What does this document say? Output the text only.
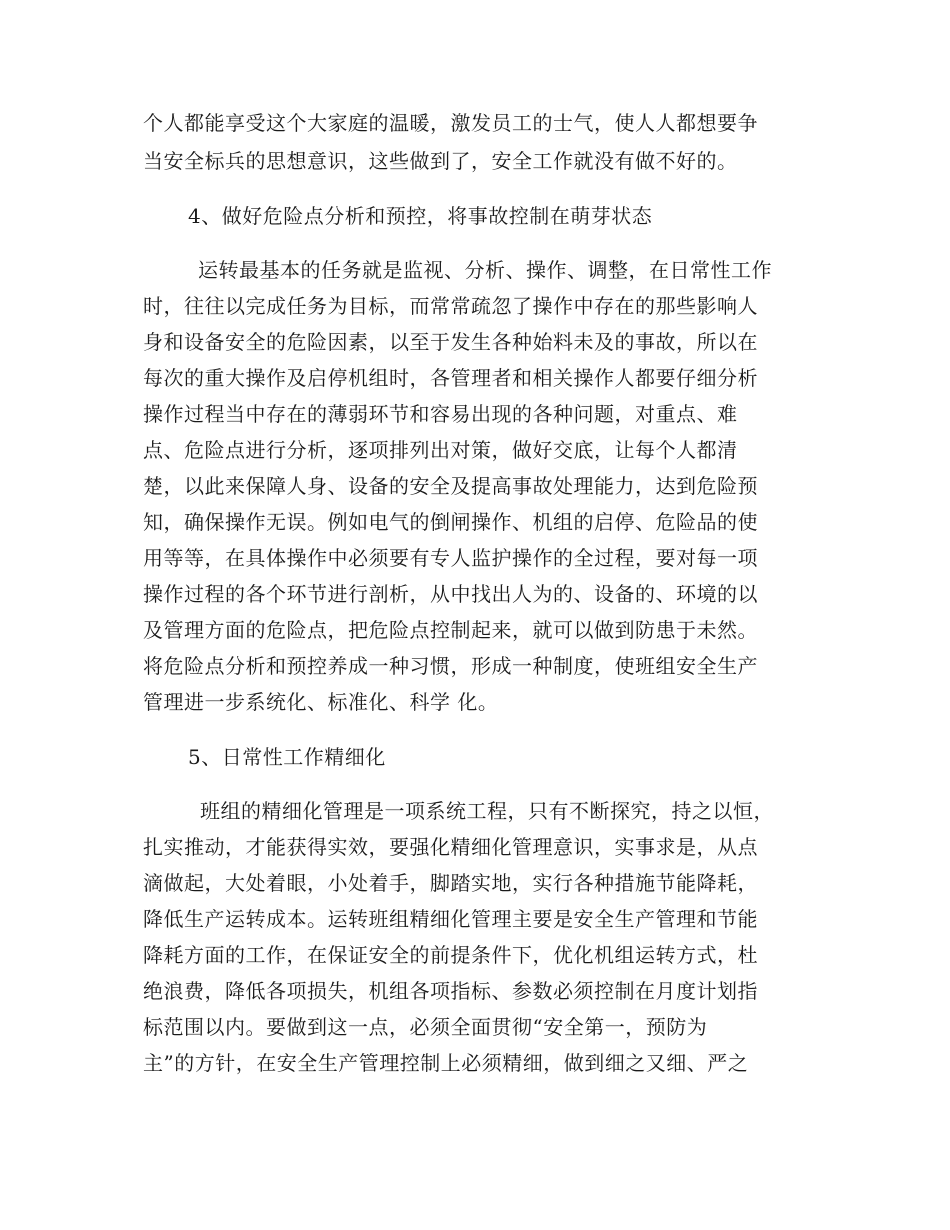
个人都能享受这个大家庭的温暖，激发员工的士气，使人人都想要争
当安全标兵的思想意识，这些做到了，安全工作就没有做不好的。
4、做好危险点分析和预控，将事故控制在萌芽状态
运转最基本的任务就是监视、分析、操作、调整，在日常性工作
时，往往以完成任务为目标，而常常疏忽了操作中存在的那些影响人
身和设备安全的危险因素，以至于发生各种始料未及的事故，所以在
每次的重大操作及启停机组时，各管理者和相关操作人都要仔细分析
操作过程当中存在的薄弱环节和容易出现的各种问题，对重点、难
点、危险点进行分析，逐项排列出对策，做好交底，让每个人都清
楚，以此来保障人身、设备的安全及提高事故处理能力，达到危险预
知，确保操作无误。例如电气的倒闸操作、机组的启停、危险品的使
用等等，在具体操作中必须要有专人监护操作的全过程，要对每一项
操作过程的各个环节进行剖析，从中找出人为的、设备的、环境的以
及管理方面的危险点，把危险点控制起来，就可以做到防患于未然。
将危险点分析和预控养成一种习惯，形成一种制度，使班组安全生产
管理进一步系统化、标准化、科学 化。
5、日常性工作精细化
班组的精细化管理是一项系统工程，只有不断探究，持之以恒，
扎实推动，才能获得实效，要强化精细化管理意识，实事求是，从点
滴做起，大处着眼，小处着手，脚踏实地，实行各种措施节能降耗，
降低生产运转成本。运转班组精细化管理主要是安全生产管理和节能
降耗方面的工作，在保证安全的前提条件下，优化机组运转方式，杜
绝浪费，降低各项损失，机组各项指标、参数必须控制在月度计划指
标范围以内。要做到这一点，必须全面贯彻“安全第一，预防为
主”的方针，在安全生产管理控制上必须精细，做到细之又细、严之
